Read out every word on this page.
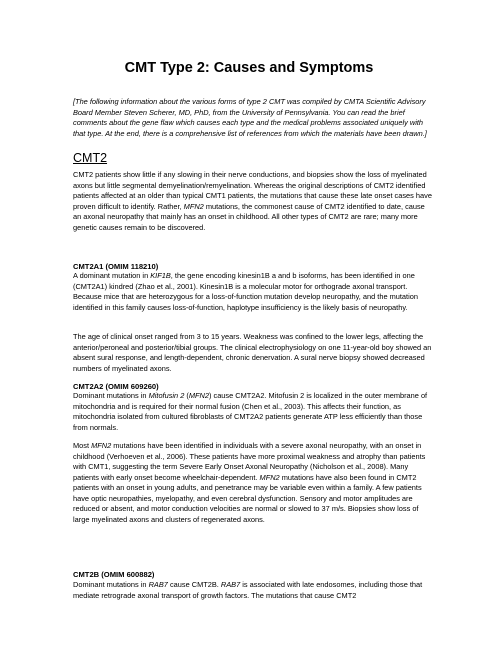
CMT Type 2: Causes and Symptoms

[The following information about the various forms of type 2 CMT was compiled by CMTA Scientific Advisory Board Member Steven Scherer, MD, PhD, from the University of Pennsylvania. You can read the brief comments about the gene flaw which causes each type and the medical problems associated uniquely with that type. At the end, there is a comprehensive list of references from which the materials have been drawn.]

CMT2

CMT2 patients show little if any slowing in their nerve conductions, and biopsies show the loss of myelinated axons but little segmental demyelination/remyelination. Whereas the original descriptions of CMT2 identified patients affected at an older than typical CMT1 patients, the mutations that cause these late onset cases have proven difficult to identify. Rather, MFN2 mutations, the commonest cause of CMT2 identified to date, cause an axonal neuropathy that mainly has an onset in childhood. All other types of CMT2 are rare; many more genetic causes remain to be discovered.

CMT2A1 (OMIM 118210)

A dominant mutation in KIF1B, the gene encoding kinesin1B a and b isoforms, has been identified in one (CMT2A1) kindred (Zhao et al., 2001). Kinesin1B is a molecular motor for orthograde axonal transport. Because mice that are heterozygous for a loss-of-function mutation develop neuropathy, and the mutation identified in this family causes loss-of-function, haplotype insufficiency is the likely basis of neuropathy.

The age of clinical onset ranged from 3 to 15 years. Weakness was confined to the lower legs, affecting the anterior/peroneal and posterior/tibial groups. The clinical electrophysiology on one 11-year-old boy showed an absent sural response, and length-dependent, chronic denervation. A sural nerve biopsy showed decreased numbers of myelinated axons.

CMT2A2 (OMIM 609260)

Dominant mutations in Mitofusin 2 (MFN2) cause CMT2A2. Mitofusin 2 is localized in the outer membrane of mitochondria and is required for their normal fusion (Chen et al., 2003). This affects their function, as mitochondria isolated from cultured fibroblasts of CMT2A2 patients generate ATP less efficiently than those from normals.

Most MFN2 mutations have been identified in individuals with a severe axonal neuropathy, with an onset in childhood (Verhoeven et al., 2006). These patients have more proximal weakness and atrophy than patients with CMT1, suggesting the term Severe Early Onset Axonal Neuropathy (Nicholson et al., 2008). Many patients with early onset become wheelchair-dependent. MFN2 mutations have also been found in CMT2 patients with an onset in young adults, and penetrance may be variable even within a family. A few patients have optic neuropathies, myelopathy, and even cerebral dysfunction. Sensory and motor amplitudes are reduced or absent, and motor conduction velocities are normal or slowed to 37 m/s. Biopsies show loss of large myelinated axons and clusters of regenerated axons.

CMT2B (OMIM 600882)

Dominant mutations in RAB7 cause CMT2B. RAB7 is associated with late endosomes, including those that mediate retrograde axonal transport of growth factors. The mutations that cause CMT2
